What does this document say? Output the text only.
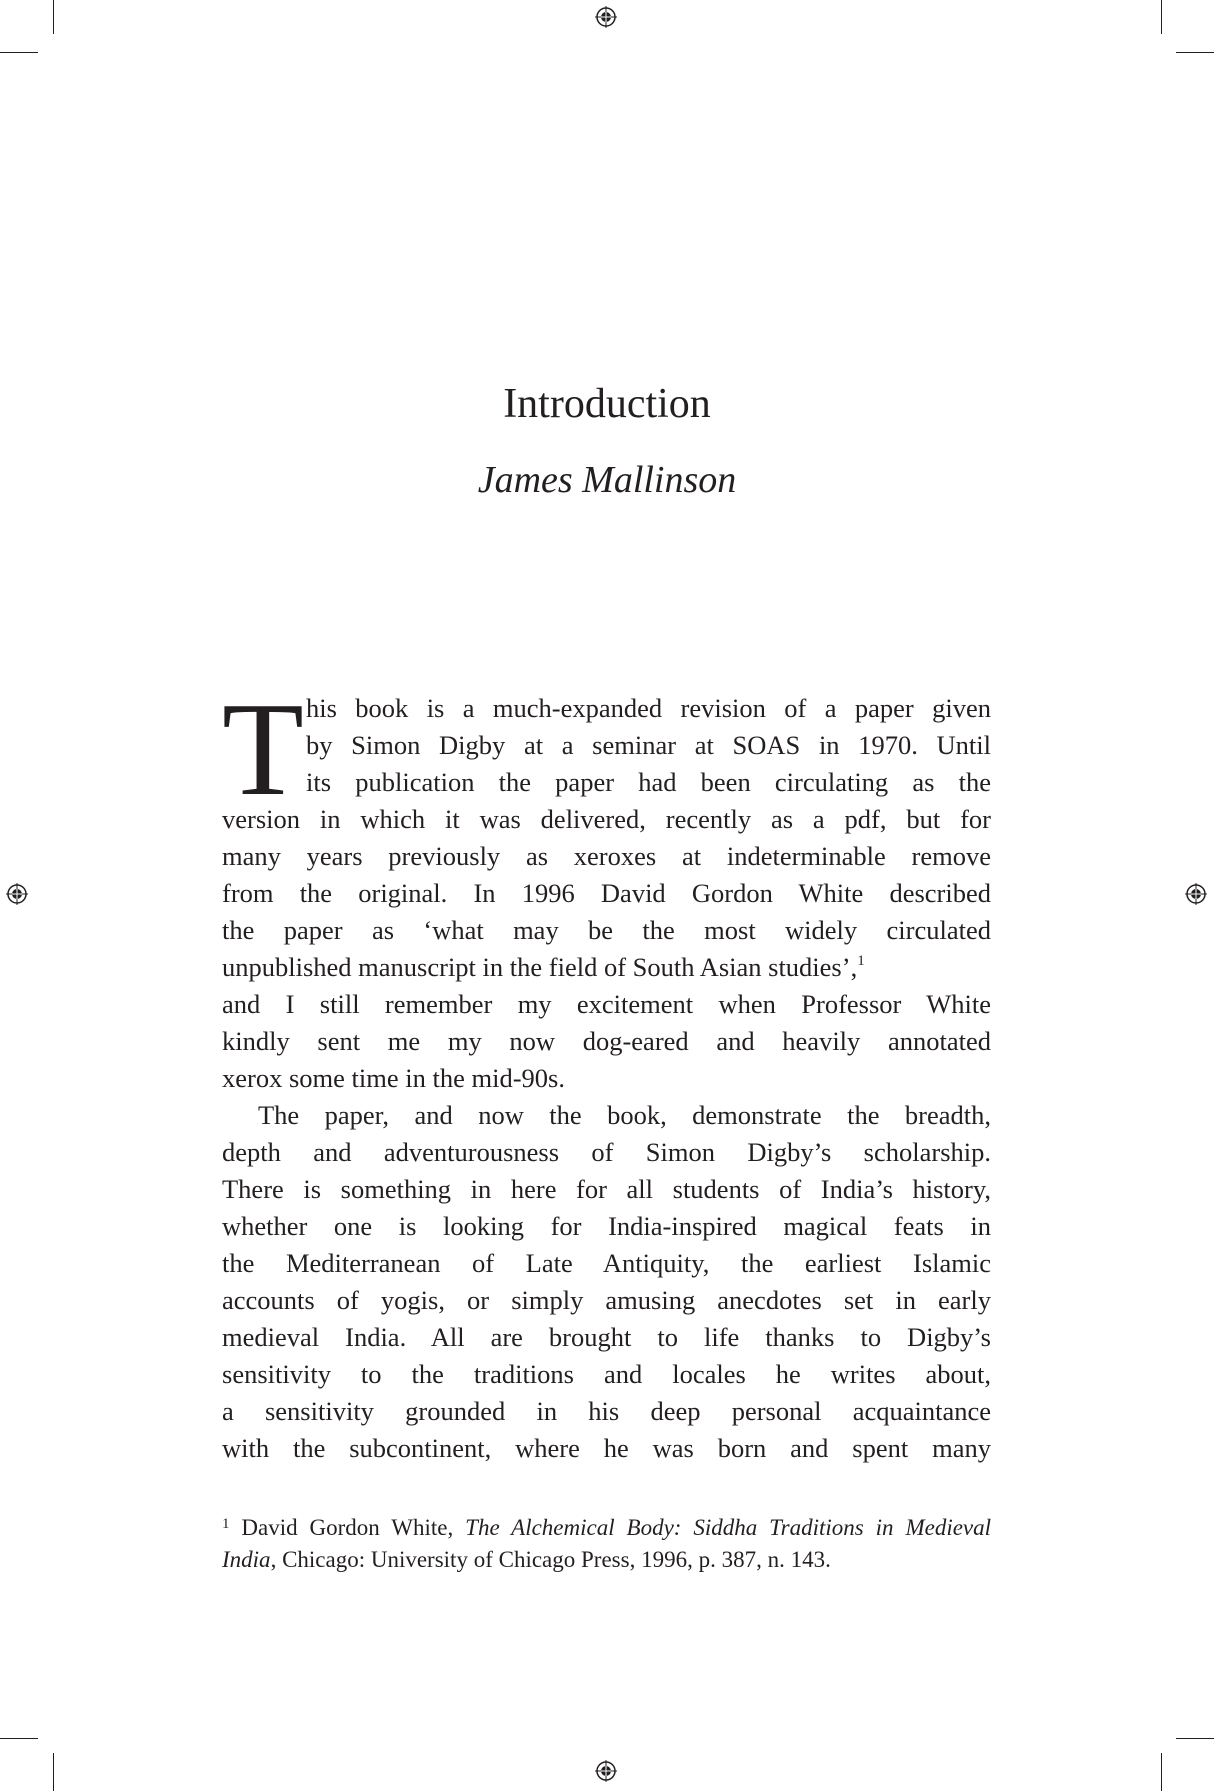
Introduction
James Mallinson
T his book is a much-expanded revision of a paper given
by Simon Digby at a seminar at SOAS in 1970. Until
its publication the paper had been circulating as the
version in which it was delivered, recently as a pdf, but for
many years previously as xeroxes at indeterminable remove
from the original. In 1996 David Gordon White described
the paper as ‘what may be the most widely circulated
unpublished manuscript in the field of South Asian studies’,$^1$
and I still remember my excitement when Professor White
kindly sent me my now dog-eared and heavily annotated
xerox some time in the mid-90s.
The paper, and now the book, demonstrate the breadth,
depth and adventurousness of Simon Digby’s scholarship.
There is something in here for all students of India’s history,
whether one is looking for India-inspired magical feats in
the Mediterranean of Late Antiquity, the earliest Islamic
accounts of yogis, or simply amusing anecdotes set in early
medieval India. All are brought to life thanks to Digby’s
sensitivity to the traditions and locales he writes about,
a sensitivity grounded in his deep personal acquaintance
with the subcontinent, where he was born and spent many
$^1$ David Gordon White, The Alchemical Body: Siddha Traditions in Medieval
India, Chicago: University of Chicago Press, 1996, p. 387, n. 143.
